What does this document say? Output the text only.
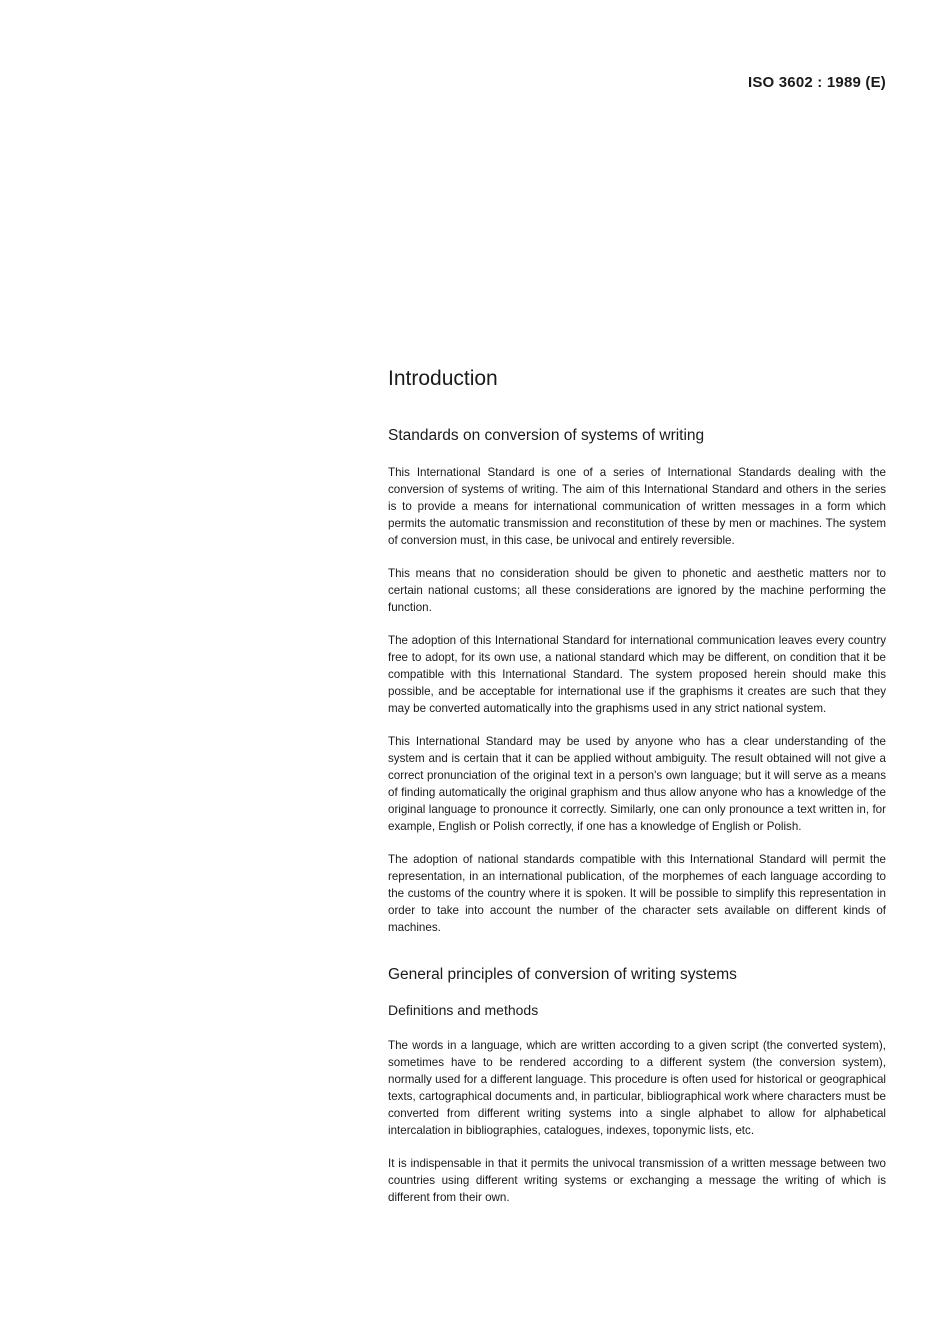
ISO 3602 : 1989 (E)
Introduction
Standards on conversion of systems of writing

This International Standard is one of a series of International Standards dealing with the conversion of systems of writing. The aim of this International Standard and others in the series is to provide a means for international communication of written messages in a form which permits the automatic transmission and reconstitution of these by men or machines. The system of conversion must, in this case, be univocal and entirely reversible.

This means that no consideration should be given to phonetic and aesthetic matters nor to certain national customs; all these considerations are ignored by the machine performing the function.

The adoption of this International Standard for international communication leaves every country free to adopt, for its own use, a national standard which may be different, on condition that it be compatible with this International Standard. The system proposed herein should make this possible, and be acceptable for international use if the graphisms it creates are such that they may be converted automatically into the graphisms used in any strict national system.

This International Standard may be used by anyone who has a clear understanding of the system and is certain that it can be applied without ambiguity. The result obtained will not give a correct pronunciation of the original text in a person's own language; but it will serve as a means of finding automatically the original graphism and thus allow anyone who has a knowledge of the original language to pronounce it correctly. Similarly, one can only pronounce a text written in, for example, English or Polish correctly, if one has a knowledge of English or Polish.

The adoption of national standards compatible with this International Standard will permit the representation, in an international publication, of the morphemes of each language according to the customs of the country where it is spoken. It will be possible to simplify this representation in order to take into account the number of the character sets available on different kinds of machines.

General principles of conversion of writing systems
Definitions and methods

The words in a language, which are written according to a given script (the converted system), sometimes have to be rendered according to a different system (the conversion system), normally used for a different language. This procedure is often used for historical or geographical texts, cartographical documents and, in particular, bibliographical work where characters must be converted from different writing systems into a single alphabet to allow for alphabetical intercalation in bibliographies, catalogues, indexes, toponymic lists, etc.

It is indispensable in that it permits the univocal transmission of a written message between two countries using different writing systems or exchanging a message the writing of which is different from their own.
